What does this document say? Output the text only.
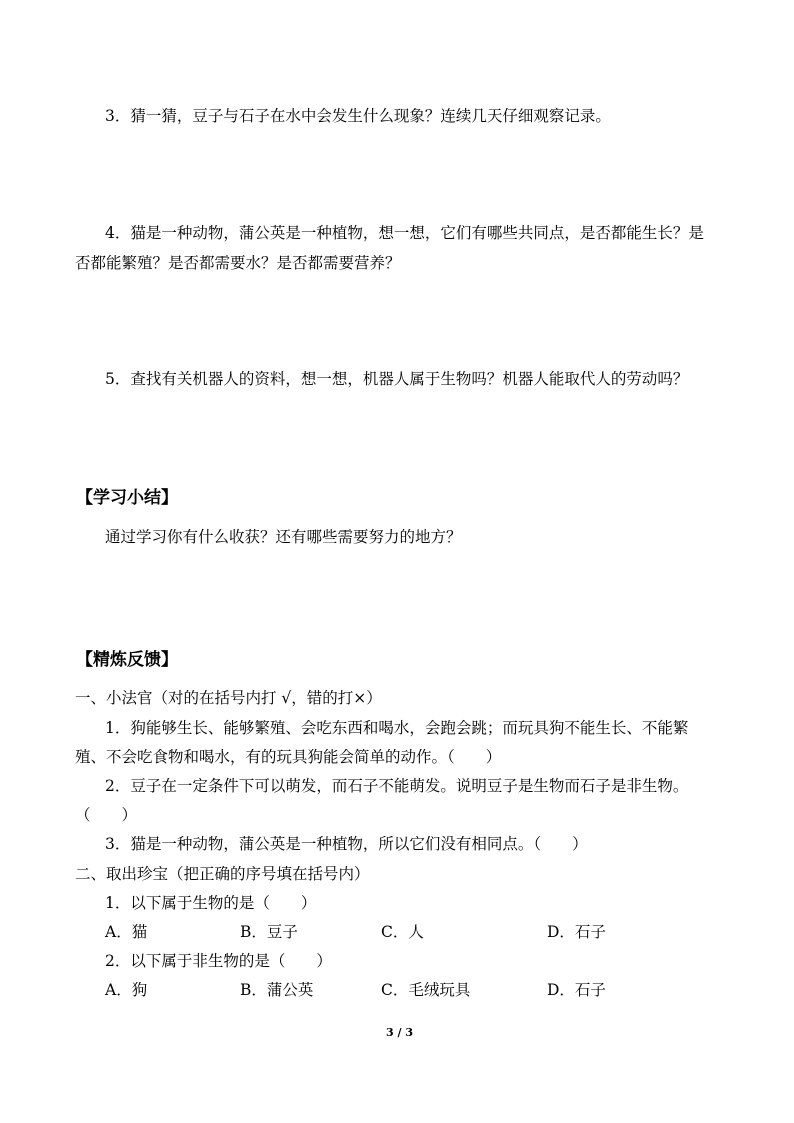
3．猜一猜，豆子与石子在水中会发生什么现象？连续几天仔细观察记录。
4．猫是一种动物，蒲公英是一种植物，想一想，它们有哪些共同点，是否都能生长？是
否都能繁殖？是否都需要水？是否都需要营养？
5．查找有关机器人的资料，想一想，机器人属于生物吗？机器人能取代人的劳动吗？
【学习小结】
通过学习你有什么收获？还有哪些需要努力的地方？
【精炼反馈】
一、小法官（对的在括号内打 √，错的打×）
1．狗能够生长、能够繁殖、会吃东西和喝水，会跑会跳；而玩具狗不能生长、不能繁
殖、不会吃食物和喝水，有的玩具狗能会简单的动作。（　　）
2．豆子在一定条件下可以萌发，而石子不能萌发。说明豆子是生物而石子是非生物。
（　　）
3．猫是一种动物，蒲公英是一种植物，所以它们没有相同点。（　　）
二、取出珍宝（把正确的序号填在括号内）
1．以下属于生物的是（　　）
A．猫	B．豆子	C．人	D．石子
2．以下属于非生物的是（　　）
A．狗	B．蒲公英	C．毛绒玩具	D．石子
3 / 3
